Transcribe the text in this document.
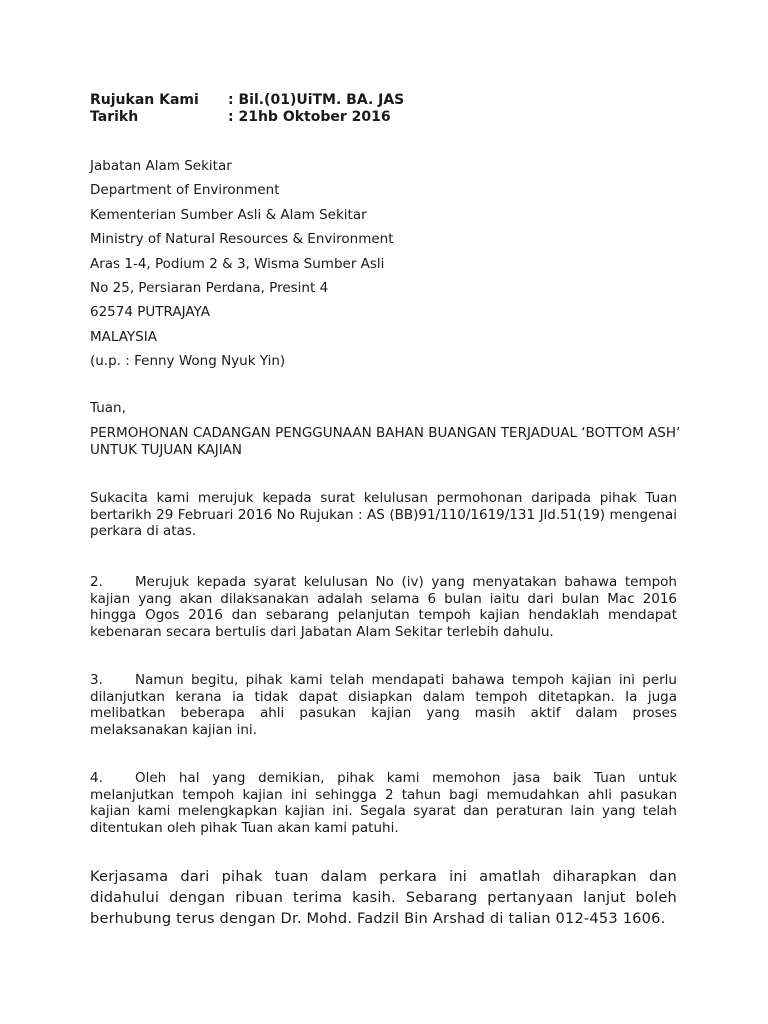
Rujukan Kami	: Bil.(01)UiTM. BA. JAS
Tarikh	: 21hb Oktober 2016
Jabatan Alam Sekitar
Department of Environment
Kementerian Sumber Asli & Alam Sekitar
Ministry of Natural Resources & Environment
Aras 1-4, Podium 2 & 3, Wisma Sumber Asli
No 25, Persiaran Perdana, Presint 4
62574 PUTRAJAYA
MALAYSIA
(u.p. : Fenny Wong Nyuk Yin)
Tuan,
PERMOHONAN CADANGAN PENGGUNAAN BAHAN BUANGAN TERJADUAL ‘BOTTOM ASH’ UNTUK TUJUAN KAJIAN
Sukacita kami merujuk kepada surat kelulusan permohonan daripada pihak Tuan bertarikh 29 Februari 2016 No Rujukan : AS (BB)91/110/1619/131 Jld.51(19) mengenai perkara di atas.
2. Merujuk kepada syarat kelulusan No (iv) yang menyatakan bahawa tempoh kajian yang akan dilaksanakan adalah selama 6 bulan iaitu dari bulan Mac 2016 hingga Ogos 2016 dan sebarang pelanjutan tempoh kajian hendaklah mendapat kebenaran secara bertulis dari Jabatan Alam Sekitar terlebih dahulu.
3. Namun begitu, pihak kami telah mendapati bahawa tempoh kajian ini perlu dilanjutkan kerana ia tidak dapat disiapkan dalam tempoh ditetapkan. Ia juga melibatkan beberapa ahli pasukan kajian yang masih aktif dalam proses melaksanakan kajian ini.
4. Oleh hal yang demikian, pihak kami memohon jasa baik Tuan untuk melanjutkan tempoh kajian ini sehingga 2 tahun bagi memudahkan ahli pasukan kajian kami melengkapkan kajian ini. Segala syarat dan peraturan lain yang telah ditentukan oleh pihak Tuan akan kami patuhi.
Kerjasama dari pihak tuan dalam perkara ini amatlah diharapkan dan didahului dengan ribuan terima kasih. Sebarang pertanyaan lanjut boleh berhubung terus dengan Dr. Mohd. Fadzil Bin Arshad di talian 012-453 1606.
